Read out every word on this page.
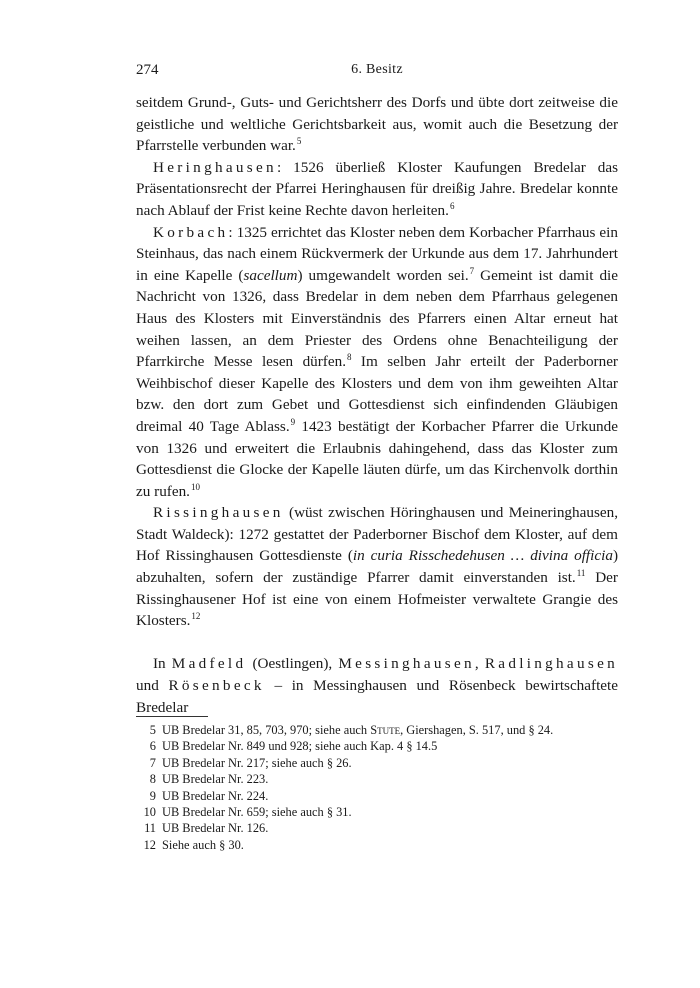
274	6. Besitz

seitdem Grund-, Guts- und Gerichtsherr des Dorfs und übte dort zeitweise die geistliche und weltliche Gerichtsbarkeit aus, womit auch die Besetzung der Pfarrstelle verbunden war.$^5$

Heringhausen: 1526 überließ Kloster Kaufungen Bredelar das Präsentationsrecht der Pfarrei Heringhausen für dreißig Jahre. Bredelar konnte nach Ablauf der Frist keine Rechte davon herleiten.$^6$

Korbach: 1325 errichtet das Kloster neben dem Korbacher Pfarrhaus ein Steinhaus, das nach einem Rückvermerk der Urkunde aus dem 17. Jahrhundert in eine Kapelle (sacellum) umgewandelt worden sei.$^7$ Gemeint ist damit die Nachricht von 1326, dass Bredelar in dem neben dem Pfarrhaus gelegenen Haus des Klosters mit Einverständnis des Pfarrers einen Altar erneut hat weihen lassen, an dem Priester des Ordens ohne Benachteiligung der Pfarrkirche Messe lesen dürfen.$^8$ Im selben Jahr erteilt der Paderborner Weihbischof dieser Kapelle des Klosters und dem von ihm geweihten Altar bzw. den dort zum Gebet und Gottesdienst sich einfindenden Gläubigen dreimal 40 Tage Ablass.$^9$ 1423 bestätigt der Korbacher Pfarrer die Urkunde von 1326 und erweitert die Erlaubnis dahingehend, dass das Kloster zum Gottesdienst die Glocke der Kapelle läuten dürfe, um das Kirchenvolk dorthin zu rufen.$^{10}$

Rissinghausen (wüst zwischen Höringhausen und Meineringhausen, Stadt Waldeck): 1272 gestattet der Paderborner Bischof dem Kloster, auf dem Hof Rissinghausen Gottesdienste (in curia Risschedehusen … divina officia) abzuhalten, sofern der zuständige Pfarrer damit einverstanden ist.$^{11}$ Der Rissinghausener Hof ist eine von einem Hofmeister verwaltete Grangie des Klosters.$^{12}$

In Madfeld (Oestlingen), Messinghausen, Radlinghausen und Rösenbeck – in Messinghausen und Rösenbeck bewirtschaftete Bredelar

5 UB Bredelar 31, 85, 703, 970; siehe auch Stute, Giershagen, S. 517, und § 24.
6 UB Bredelar Nr. 849 und 928; siehe auch Kap. 4 § 14.5
7 UB Bredelar Nr. 217; siehe auch § 26.
8 UB Bredelar Nr. 223.
9 UB Bredelar Nr. 224.
10 UB Bredelar Nr. 659; siehe auch § 31.
11 UB Bredelar Nr. 126.
12 Siehe auch § 30.
